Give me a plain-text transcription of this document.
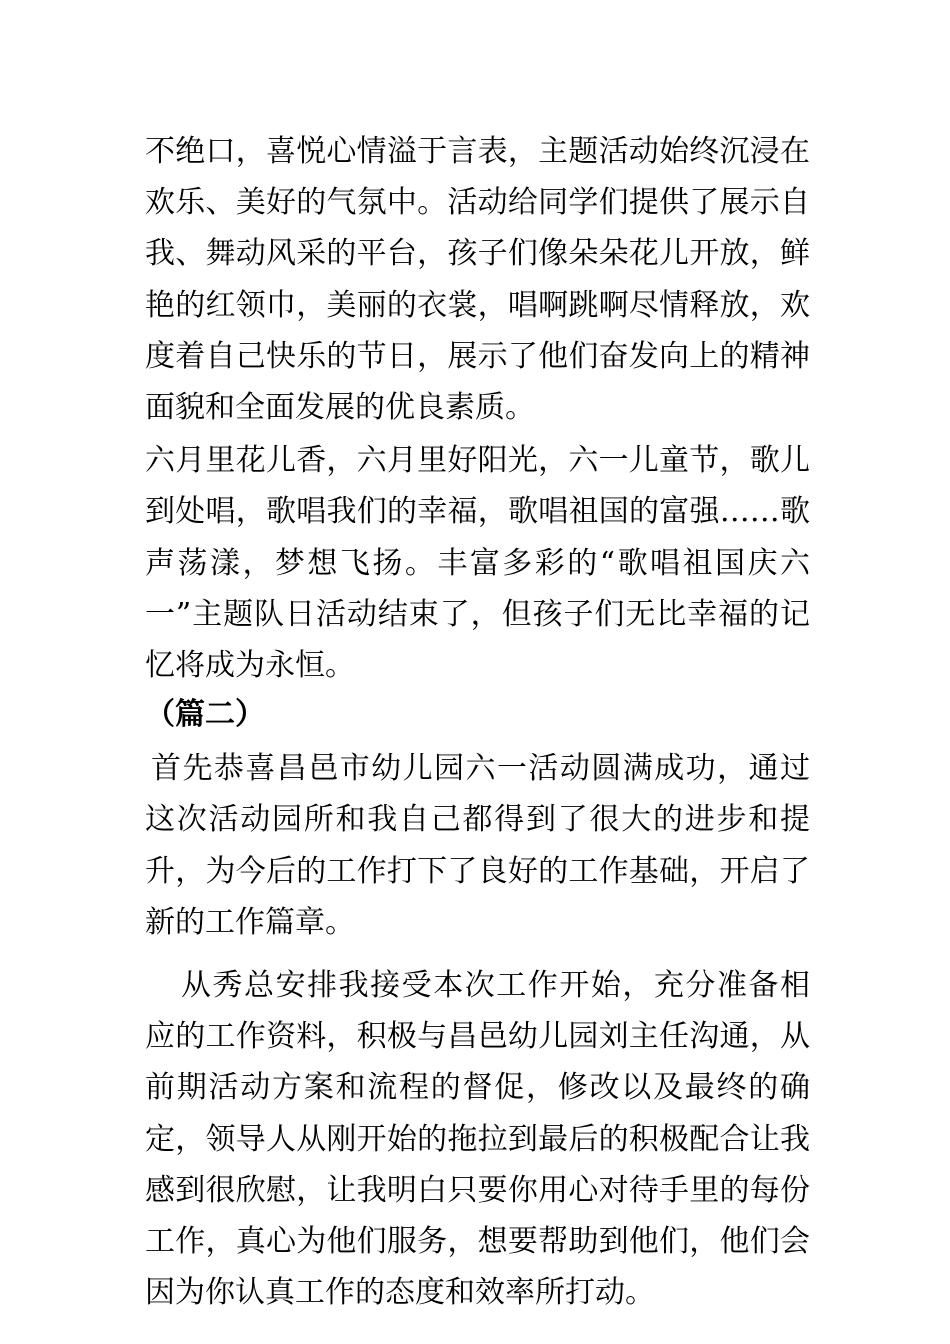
不绝口，喜悦心情溢于言表，主题活动始终沉浸在欢乐、美好的气氛中。活动给同学们提供了展示自我、舞动风采的平台，孩子们像朵朵花儿开放，鲜艳的红领巾，美丽的衣裳，唱啊跳啊尽情释放，欢度着自己快乐的节日，展示了他们奋发向上的精神面貌和全面发展的优良素质。

六月里花儿香，六月里好阳光，六一儿童节，歌儿到处唱，歌唱我们的幸福，歌唱祖国的富强……歌声荡漾，梦想飞扬。丰富多彩的“歌唱祖国庆六一”主题队日活动结束了，但孩子们无比幸福的记忆将成为永恒。

（篇二）

首先恭喜昌邑市幼儿园六一活动圆满成功，通过这次活动园所和我自己都得到了很大的进步和提升，为今后的工作打下了良好的工作基础，开启了新的工作篇章。

从秀总安排我接受本次工作开始，充分准备相应的工作资料，积极与昌邑幼儿园刘主任沟通，从前期活动方案和流程的督促，修改以及最终的确定，领导人从刚开始的拖拉到最后的积极配合让我感到很欣慰，让我明白只要你用心对待手里的每份工作，真心为他们服务，想要帮助到他们，他们会因为你认真工作的态度和效率所打动。
